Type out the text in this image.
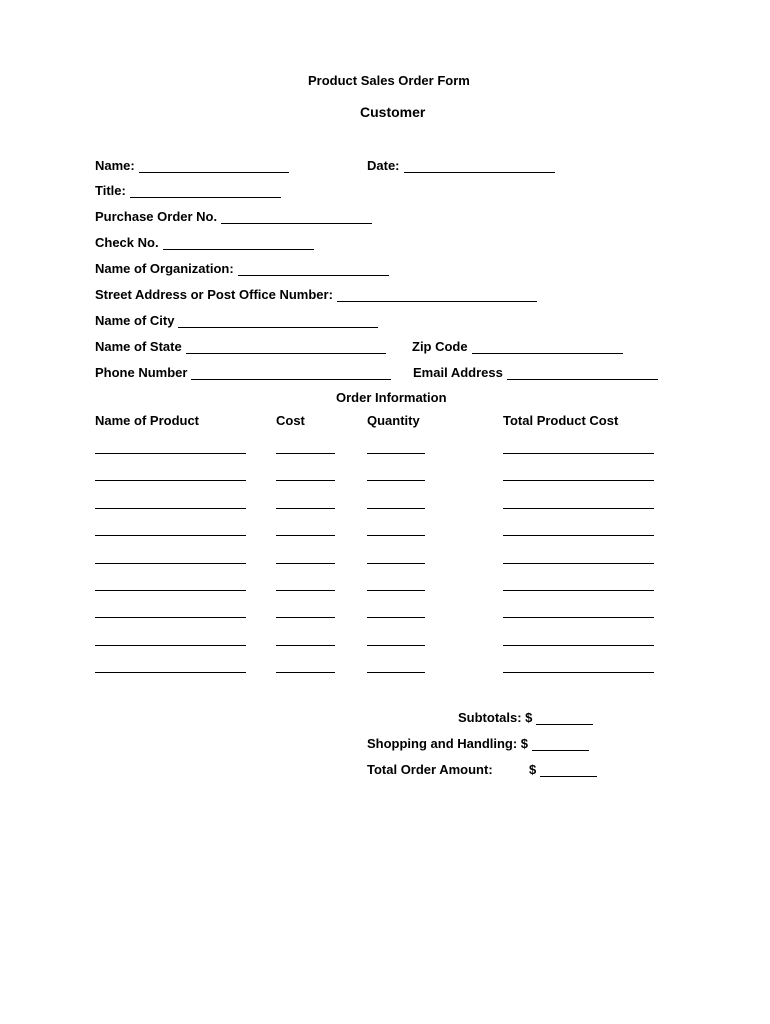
Product Sales Order Form
Customer
Name:	Date:
Title:
Purchase Order No.
Check No.
Name of Organization:
Street Address or Post Office Number:
Name of City
Name of State	Zip Code
Phone Number	Email Address
Order Information
Name of Product	Cost	Quantity	Total Product Cost
Subtotals: $
Shopping and Handling: $
Total Order Amount:	$
